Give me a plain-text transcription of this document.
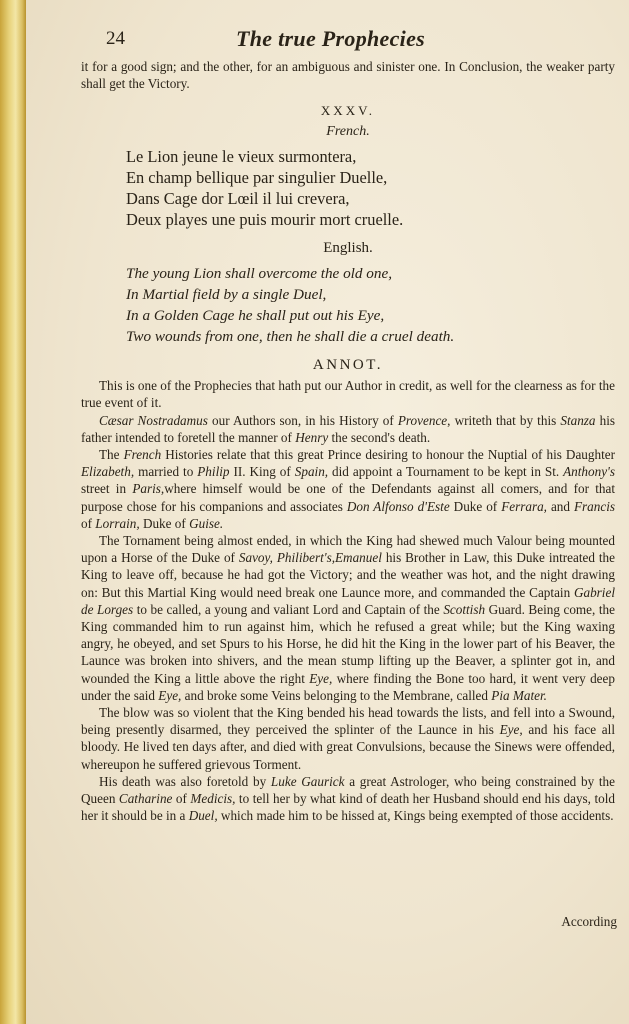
24	The true Prophecies

it for a good sign; and the other, for an ambiguous and sinister one. In Conclusion, the weaker party shall get the Victory.

XXXV.
French.
Le Lion jeune le vieux surmontera,
En champ bellique par singulier Duelle,
Dans Cage dor Lœil il lui crevera,
Deux playes une puis mourir mort cruelle.
English.
The young Lion shall overcome the old one,
In Martial field by a single Duel,
In a Golden Cage he shall put out his Eye,
Two wounds from one, then he shall die a cruel death.
ANNOT.

This is one of the Prophecies that hath put our Author in credit, as well for the clearness as for the true event of it.

Cæsar Nostradamus our Authors son, in his History of Provence, writeth that by this Stanza his father intended to foretell the manner of Henry the second's death.

The French Histories relate that this great Prince desiring to honour the Nuptial of his Daughter Elizabeth, married to Philip II. King of Spain, did appoint a Tournament to be kept in St. Anthony's street in Paris,where himself would be one of the Defendants against all comers, and for that purpose chose for his companions and associates Don Alfonso d'Este Duke of Ferrara, and Francis of Lorrain, Duke of Guise.

The Tornament being almost ended, in which the King had shewed much Valour being mounted upon a Horse of the Duke of Savoy, Philibert's,Emanuel his Brother in Law, this Duke intreated the King to leave off, because he had got the Victory; and the weather was hot, and the night drawing on: But this Martial King would need break one Launce more, and commanded the Captain Gabriel de Lorges to be called, a young and valiant Lord and Captain of the Scottish Guard. Being come, the King commanded him to run against him, which he refused a great while; but the King waxing angry, he obeyed, and set Spurs to his Horse, he did hit the King in the lower part of his Beaver, the Launce was broken into shivers, and the mean stump lifting up the Beaver, a splinter got in, and wounded the King a little above the right Eye, where finding the Bone too hard, it went very deep under the said Eye, and broke some Veins belonging to the Membrane, called Pia Mater.

The blow was so violent that the King bended his head towards the lists, and fell into a Swound, being presently disarmed, they perceived the splinter of the Launce in his Eye, and his face all bloody. He lived ten days after, and died with great Convulsions, because the Sinews were offended, whereupon he suffered grievous Torment.

His death was also foretold by Luke Gaurick a great Astrologer, who being constrained by the Queen Catharine of Medicis, to tell her by what kind of death her Husband should end his days, told her it should be in a Duel, which made him to be hissed at, Kings being exempted of those accidents.

According
